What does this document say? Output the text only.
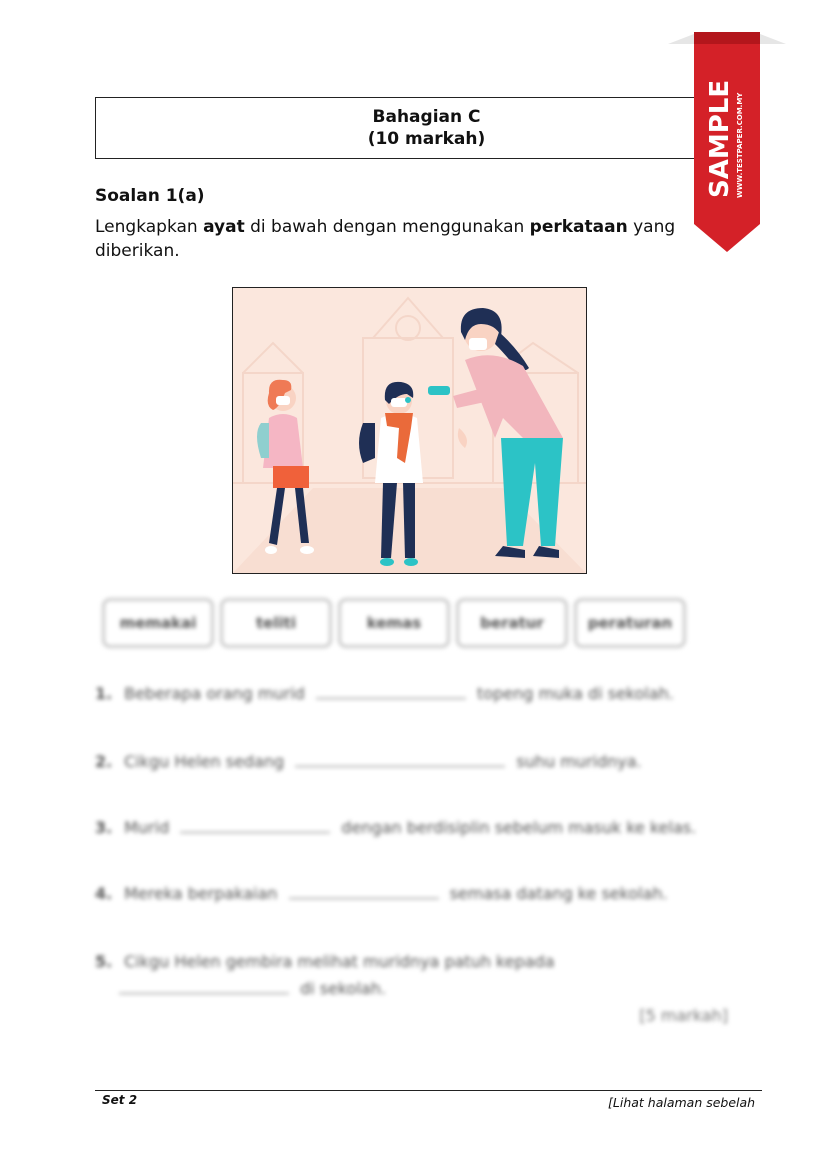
Bahagian C
(10 markah)
Soalan 1(a)
Lengkapkan ayat di bawah dengan menggunakan perkataan yang diberikan.
memakai	teliti	kemas	beratur	peraturan
1. Beberapa orang murid	topeng muka di sekolah.
2. Cikgu Helen sedang	suhu muridnya.
3. Murid	dengan berdisiplin sebelum masuk ke kelas.
4. Mereka berpakaian	semasa datang ke sekolah.
5. Cikgu Helen gembira melihat muridnya patuh kepada
di sekolah.
[5 markah]
Set 2	[Lihat halaman sebelah
SAMPLE WWW.TESTPAPER.COM.MY
